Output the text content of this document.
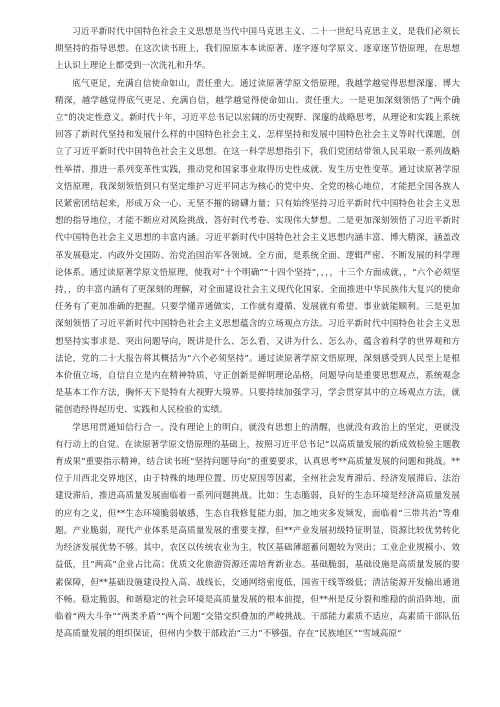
习近平新时代中国特色社会主义思想是当代中国马克思主义、二十一世纪马克思主义，是我们必须长期坚持的指导思想。在这次读书班上，我们原原本本读原著、逐字逐句学原文、逐章逐节悟原理，在思想上认识上理论上都受到一次洗礼和升华。

底气更足，充满自信使命如山，责任重大。通过读原著学原文悟原理，我越学越觉得思想深邃、博大精深，越学越觉得底气更足、充满自信，越学越觉得使命如山、责任重大。一是更加深刻领悟了“两个确立”的决定性意义。新时代十年，习近平总书记以宏阔的历史视野、深邃的战略思考，从理论和实践上系统回答了新时代坚持和发展什么样的中国特色社会主义、怎样坚持和发展中国特色社会主义等时代课题，创立了习近平新时代中国特色社会主义思想。在这一科学思想指引下，我们党团结带领人民采取一系列战略性举措、推进一系列变革性实践，推动党和国家事业取得历史性成就、发生历史性变革。通过读原著学原文悟原理，我深刻领悟到只有坚定维护习近平同志为核心的党中央、全党的核心地位，才能把全国各族人民紧密团结起来，形成万众一心、无坚不摧的磅礴力量；只有始终坚持习近平新时代中国特色社会主义思想的指导地位，才能不断应对风险挑战、答好时代考卷、实现伟大梦想。二是更加深刻领悟了习近平新时代中国特色社会主义思想的丰富内涵。习近平新时代中国特色社会主义思想内涵丰富、博大精深，涵盖改革发展稳定、内政外交国防、治党治国治军各领域、全方面，是系统全面、逻辑严密、不断发展的科学理论体系。通过读原著学原文悟原理，使我对“十个明确”“十四个坚持”，，，，十三个方面成就，，“六个必须坚持，，的丰富内涵有了更深刻的理解，对全面建设社会主义现代化国家、全面推进中华民族伟大复兴的使命任务有了更加准确的把握。只要学懂弄通做实，工作就有遵循、发展就有希望、事业就能顺利。三是更加深刻领悟了习近平新时代中国特色社会主义思想蕴含的立场观点方法。习近平新时代中国特色社会主义思想坚持实事求是、突出问题导向，既讲是什么、怎么看，又讲为什么、怎么办，蕴含着科学的世界观和方法论，党的二十大报告将其概括为“六个必须坚持”。通过读原著学原文悟原理，深刻感受到人民至上是根本价值立场，自信自立是内在精神特质，守正创新是鲜明理论品格，问题导向是重要思想观点，系统观念是基本工作方法，胸怀天下是特有大视野大境界。只要持续加强学习，学会贯穿其中的立场观点方法，就能创造经得起历史、实践和人民检验的实绩。

学思用贯通知信行合一。没有理论上的明白，就没有思想上的清醒，也就没有政治上的坚定，更就没有行动上的自觉。在读原著学原文悟原理的基础上，按照习近平总书记“以高质量发展的新成效检验主题教育成果”重要指示精神，结合读书班“坚持问题导向”的重要要求，认真思考**高质量发展的问题和挑战。**位于川西北交界地区，由于特殊的地理位置、历史原因等因素，全州社会发育滞后、经济发展滞后、法治建设滞后，推进高质量发展面临着一系列问题挑战。比如：生态脆弱，良好的生态环境是经济高质量发展的应有之义，但**生态环境脆弱敏感，生态自我修复能力弱，加之地灾多发频发，面临着“三带共治”等难题。产业脆弱，现代产业体系是高质量发展的重要支撑，但**产业发展初级特征明显，资源比较优势转化为经济发展优势不够。其中，农区以传统农业为主，牧区基础薄超蓄问题较为突出；工业企业规模小、效益低，且“两高”企业占比高；优质文化旅游资源还需培育新业态。基础脆弱，基础设施是高质量发展的要素保障，但**基础设施建设投入高、战线长，交通网络密度低，国省干线等级低；清洁能源开发输出通道不畅。稳定脆弱，和谐稳定的社会环境是高质量发展的根本前提，但**州是反分裂和维稳的前沿阵地，面临着“两大斗争”“两类矛盾”“两个问题”交错交织叠加的严峻挑战。干部能力素质不适应，高素质干部队伍是高质量发展的组织保证，但州内少数干部政治“三力”不够强，存在“民族地区”“雪域高原”
